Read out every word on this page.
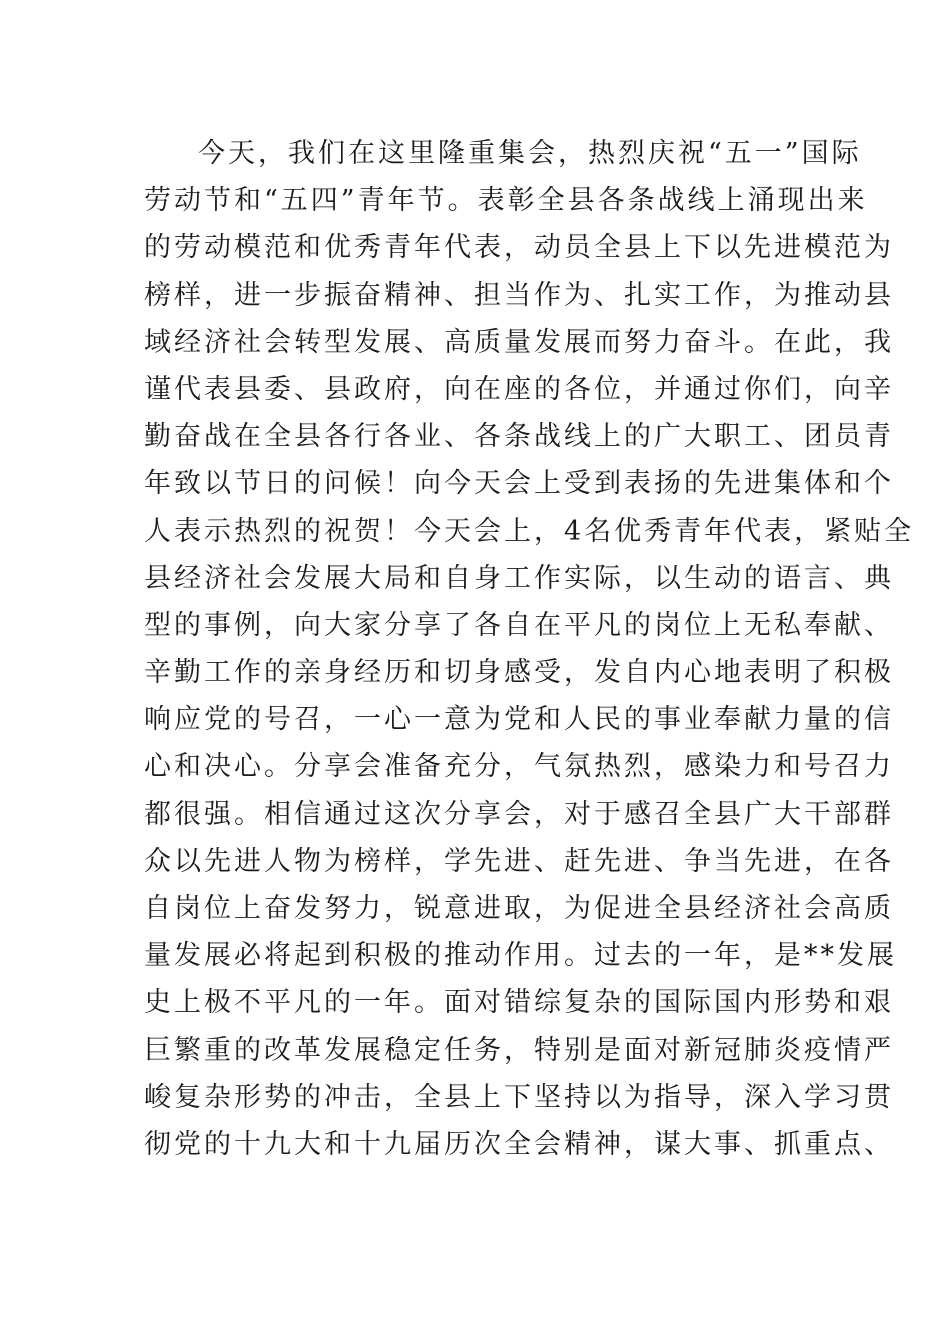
今天，我们在这里隆重集会，热烈庆祝“五一”国际
劳动节和“五四”青年节。表彰全县各条战线上涌现出来
的劳动模范和优秀青年代表，动员全县上下以先进模范为
榜样，进一步振奋精神、担当作为、扎实工作，为推动县
域经济社会转型发展、高质量发展而努力奋斗。在此，我
谨代表县委、县政府，向在座的各位，并通过你们，向辛
勤奋战在全县各行各业、各条战线上的广大职工、团员青
年致以节日的问候！向今天会上受到表扬的先进集体和个
人表示热烈的祝贺！今天会上，4名优秀青年代表，紧贴全
县经济社会发展大局和自身工作实际，以生动的语言、典
型的事例，向大家分享了各自在平凡的岗位上无私奉献、
辛勤工作的亲身经历和切身感受，发自内心地表明了积极
响应党的号召，一心一意为党和人民的事业奉献力量的信
心和决心。分享会准备充分，气氛热烈，感染力和号召力
都很强。相信通过这次分享会，对于感召全县广大干部群
众以先进人物为榜样，学先进、赶先进、争当先进，在各
自岗位上奋发努力，锐意进取，为促进全县经济社会高质
量发展必将起到积极的推动作用。过去的一年，是**发展
史上极不平凡的一年。面对错综复杂的国际国内形势和艰
巨繁重的改革发展稳定任务，特别是面对新冠肺炎疫情严
峻复杂形势的冲击，全县上下坚持以为指导，深入学习贯
彻党的十九大和十九届历次全会精神，谋大事、抓重点、
